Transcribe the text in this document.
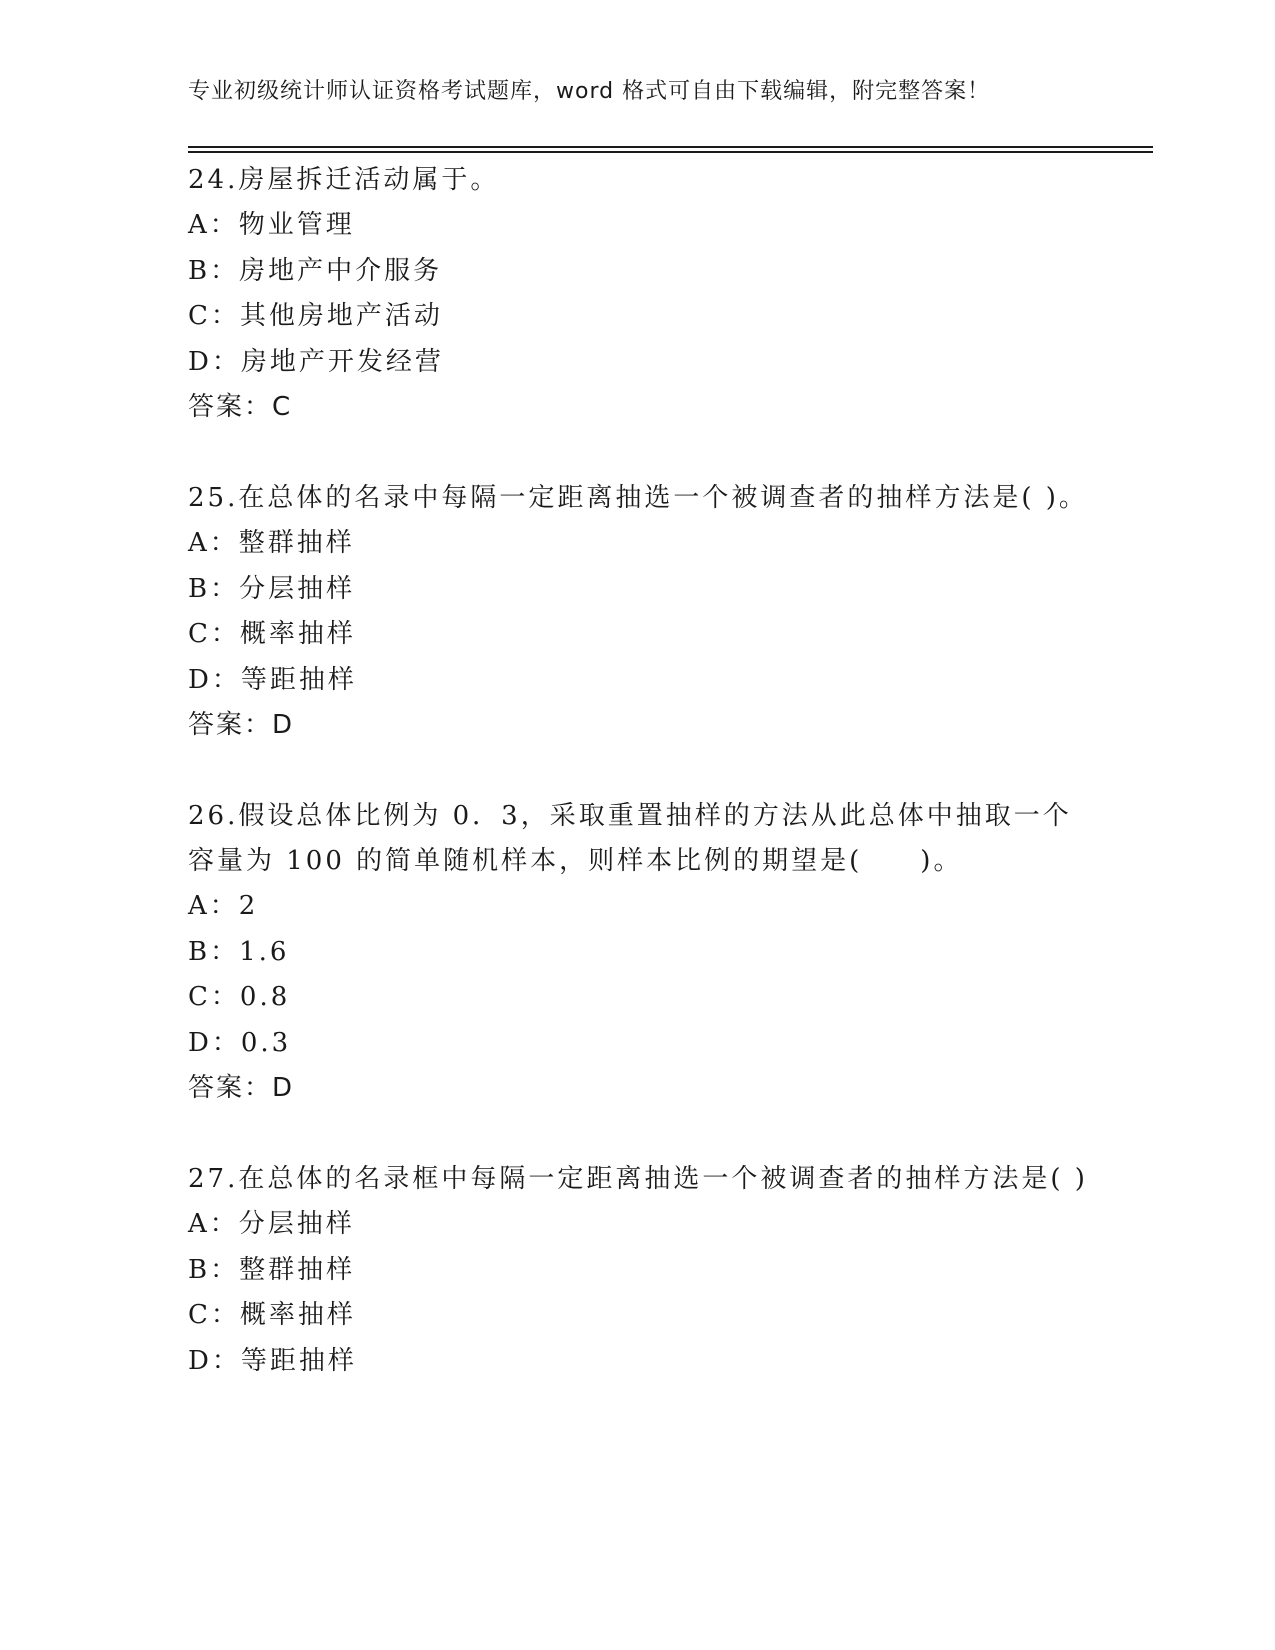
专业初级统计师认证资格考试题库，word 格式可自由下载编辑，附完整答案！

24.房屋拆迁活动属于。

A：物业管理

B：房地产中介服务

C：其他房地产活动

D：房地产开发经营

答案：C

25.在总体的名录中每隔一定距离抽选一个被调查者的抽样方法是( )。

A：整群抽样

B：分层抽样

C：概率抽样

D：等距抽样

答案：D

26.假设总体比例为 0．3，采取重置抽样的方法从此总体中抽取一个容量为 100 的简单随机样本，则样本比例的期望是(　　)。

A：2

B：1.6

C：0.8

D：0.3

答案：D

27.在总体的名录框中每隔一定距离抽选一个被调查者的抽样方法是( )

A：分层抽样

B：整群抽样

C：概率抽样

D：等距抽样
